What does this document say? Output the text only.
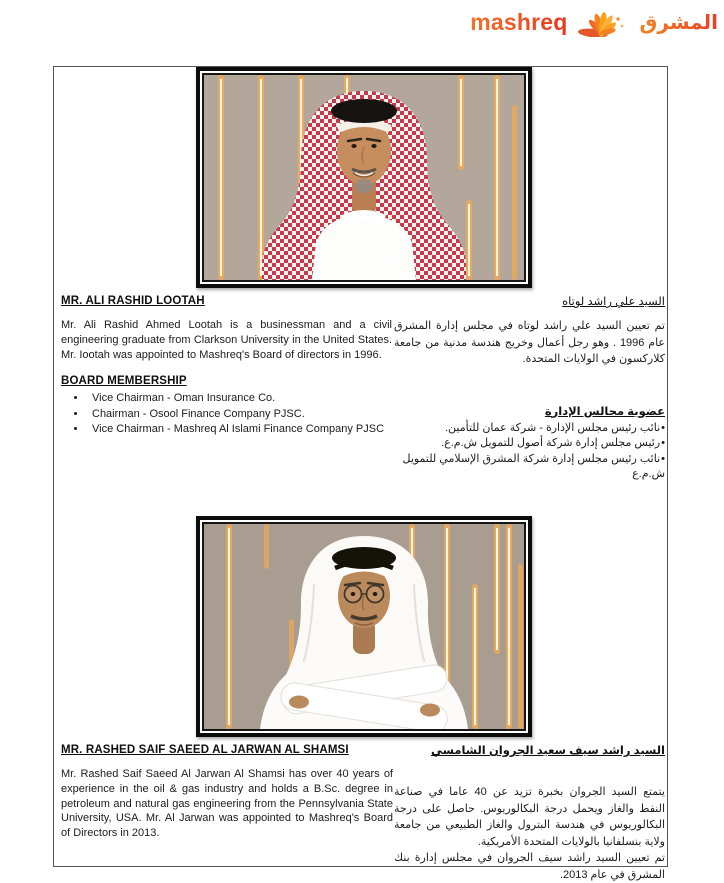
mashreq	المشرق
MR. ALI RASHID LOOTAH
Mr. Ali Rashid Ahmed Lootah is a businessman and a civil engineering graduate from Clarkson University in the United States. Mr. Iootah was appointed to Mashreq's Board of directors in 1996.
BOARD MEMBERSHIP
• Vice Chairman - Oman Insurance Co.
• Chairman - Osool Finance Company PJSC.
• Vice Chairman - Mashreq Al Islami Finance Company PJSC
السيد علي راشد لوتاه
تم تعيين السيد علي راشد لوتاه في مجلس إدارة المشرق عام 1996 . وهو رجل أعمال وخريج هندسة مدنية من جامعة كلاركسون في الولايات المتحدة.
عضوية مجالس الإدارة
• نائب رئيس مجلس الإدارة - شركة عمان للتأمين.
• رئيس مجلس إدارة شركة أصول للتمويل ش.م.ع.
• نائب رئيس مجلس إدارة شركة المشرق الإسلامي للتمويل ش.م.ع
MR. RASHED SAIF SAEED AL JARWAN AL SHAMSI
Mr. Rashed Saif Saeed Al Jarwan Al Shamsi has over 40 years of experience in the oil & gas industry and holds a B.Sc. degree in petroleum and natural gas engineering from the Pennsylvania State University, USA. Mr. Al Jarwan was appointed to Mashreq's Board of Directors in 2013.
السيد راشد سيف سعيد الجروان الشامسي
يتمتع السيد الجروان بخبرة تزيد عن 40 عاما في صناعة النفط والغاز ويحمل درجة البكالوريوس. حاصل على درجة البكالوريوس في هندسة البترول والغاز الطبيعي من جامعة ولاية بنسلفانيا بالولايات المتحدة الأمريكية.
تم تعيين السيد راشد سيف الجروان في مجلس إدارة بنك المشرق في عام 2013.
